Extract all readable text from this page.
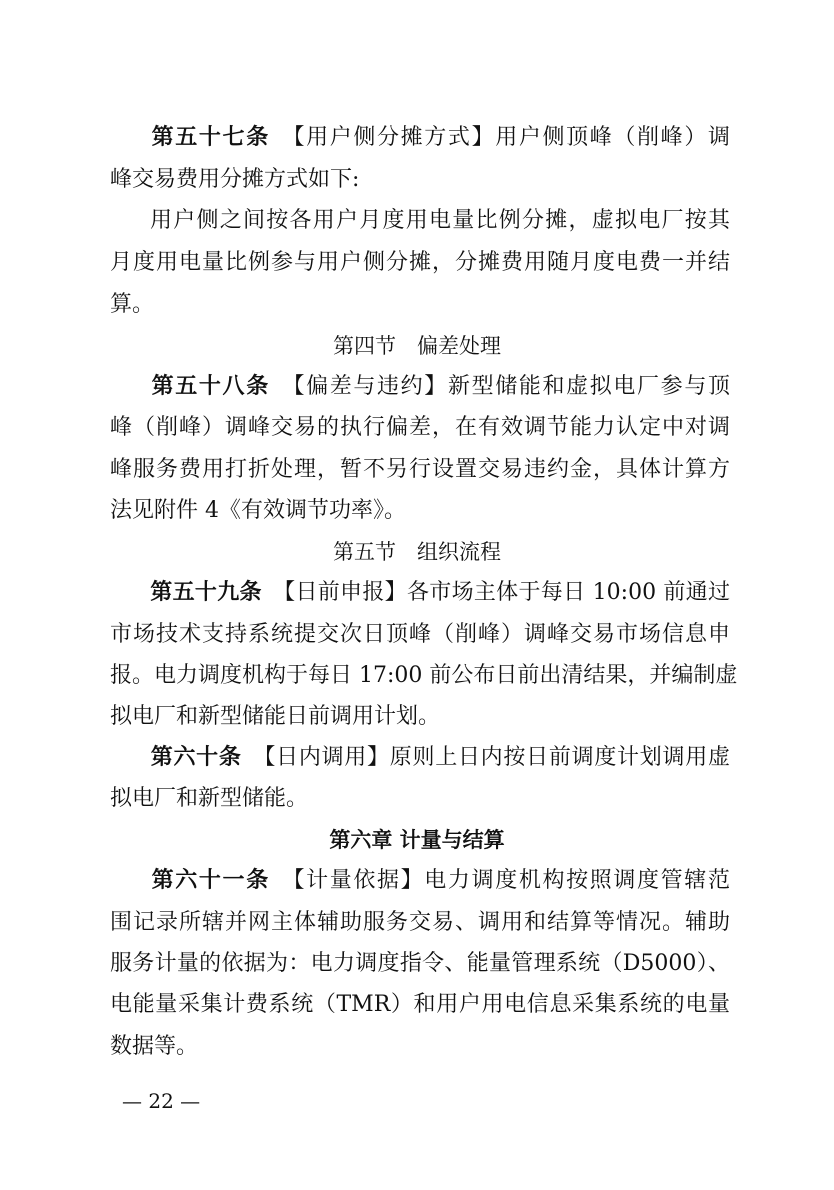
第五十七条　 【用户侧分摊方式】用户侧顶峰（削峰）调
峰交易费用分摊方式如下:
用户侧之间按各用户月度用电量比例分摊，虚拟电厂按其
月度用电量比例参与用户侧分摊，分摊费用随月度电费一并结
算。
第四节　偏差处理
第五十八条　 【偏差与违约】新型储能和虚拟电厂参与顶
峰（削峰）调峰交易的执行偏差，在有效调节能力认定中对调
峰服务费用打折处理，暂不另行设置交易违约金，具体计算方
法见附件 4《有效调节功率》。
第五节　组织流程
第五十九条　 【日前申报】各市场主体于每日 10:00 前通过
市场技术支持系统提交次日顶峰（削峰）调峰交易市场信息申
报。电力调度机构于每日 17:00 前公布日前出清结果，并编制虚
拟电厂和新型储能日前调用计划。
第六十条　 【日内调用】原则上日内按日前调度计划调用虚
拟电厂和新型储能。
第六章 计量与结算
第六十一条　 【计量依据】电力调度机构按照调度管辖范
围记录所辖并网主体辅助服务交易、调用和结算等情况。辅助
服务计量的依据为：电力调度指令、能量管理系统（D5000）、
电能量采集计费系统（TMR）和用户用电信息采集系统的电量
数据等。
— 22 —
